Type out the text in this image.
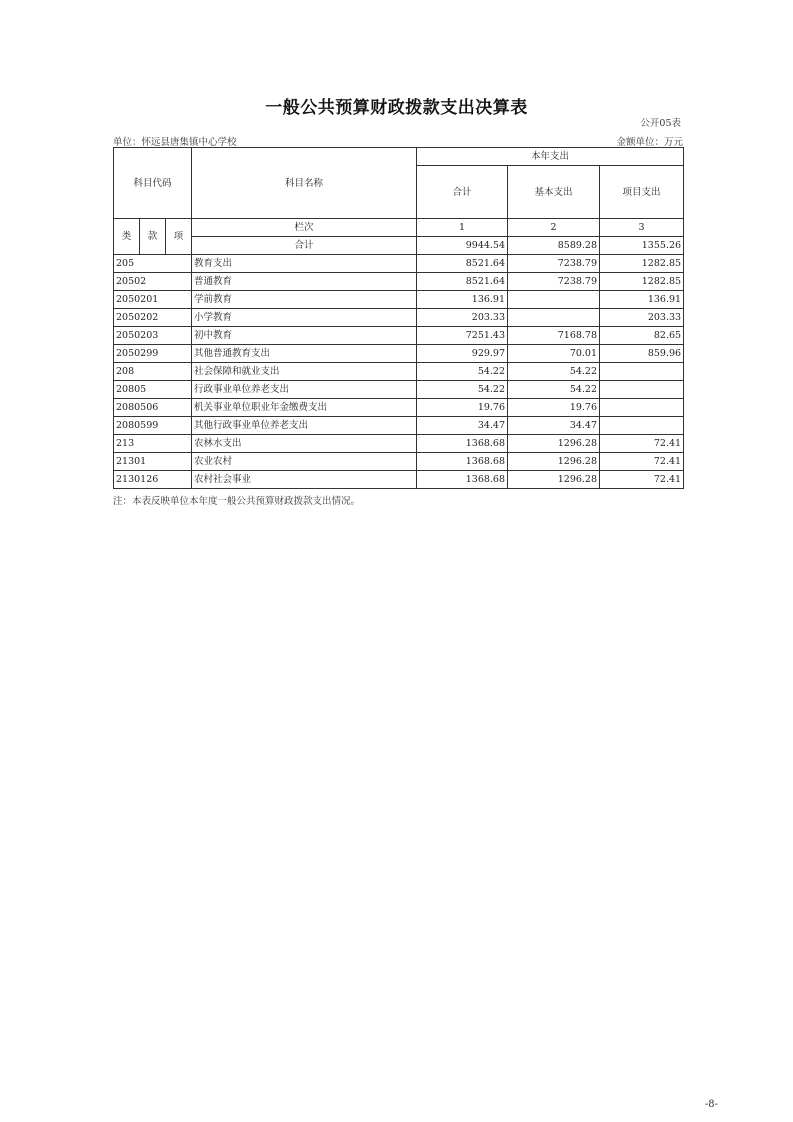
一般公共预算财政拨款支出决算表
公开05表
单位：怀远县唐集镇中心学校	金额单位：万元
科目代码			科目名称	本年支出		
				合计	基本支出	项目支出
类	款	项	栏次	1	2	3
			合计	9944.54	8589.28	1355.26
205			教育支出	8521.64	7238.79	1282.85
20502			普通教育	8521.64	7238.79	1282.85
2050201			学前教育	136.91		136.91
2050202			小学教育	203.33		203.33
2050203			初中教育	7251.43	7168.78	82.65
2050299			其他普通教育支出	929.97	70.01	859.96
208			社会保障和就业支出	54.22	54.22	
20805			行政事业单位养老支出	54.22	54.22	
2080506			机关事业单位职业年金缴费支出	19.76	19.76	
2080599			其他行政事业单位养老支出	34.47	34.47	
213			农林水支出	1368.68	1296.28	72.41
21301			农业农村	1368.68	1296.28	72.41
2130126			农村社会事业	1368.68	1296.28	72.41
注：本表反映单位本年度一般公共预算财政拨款支出情况。
-8-
